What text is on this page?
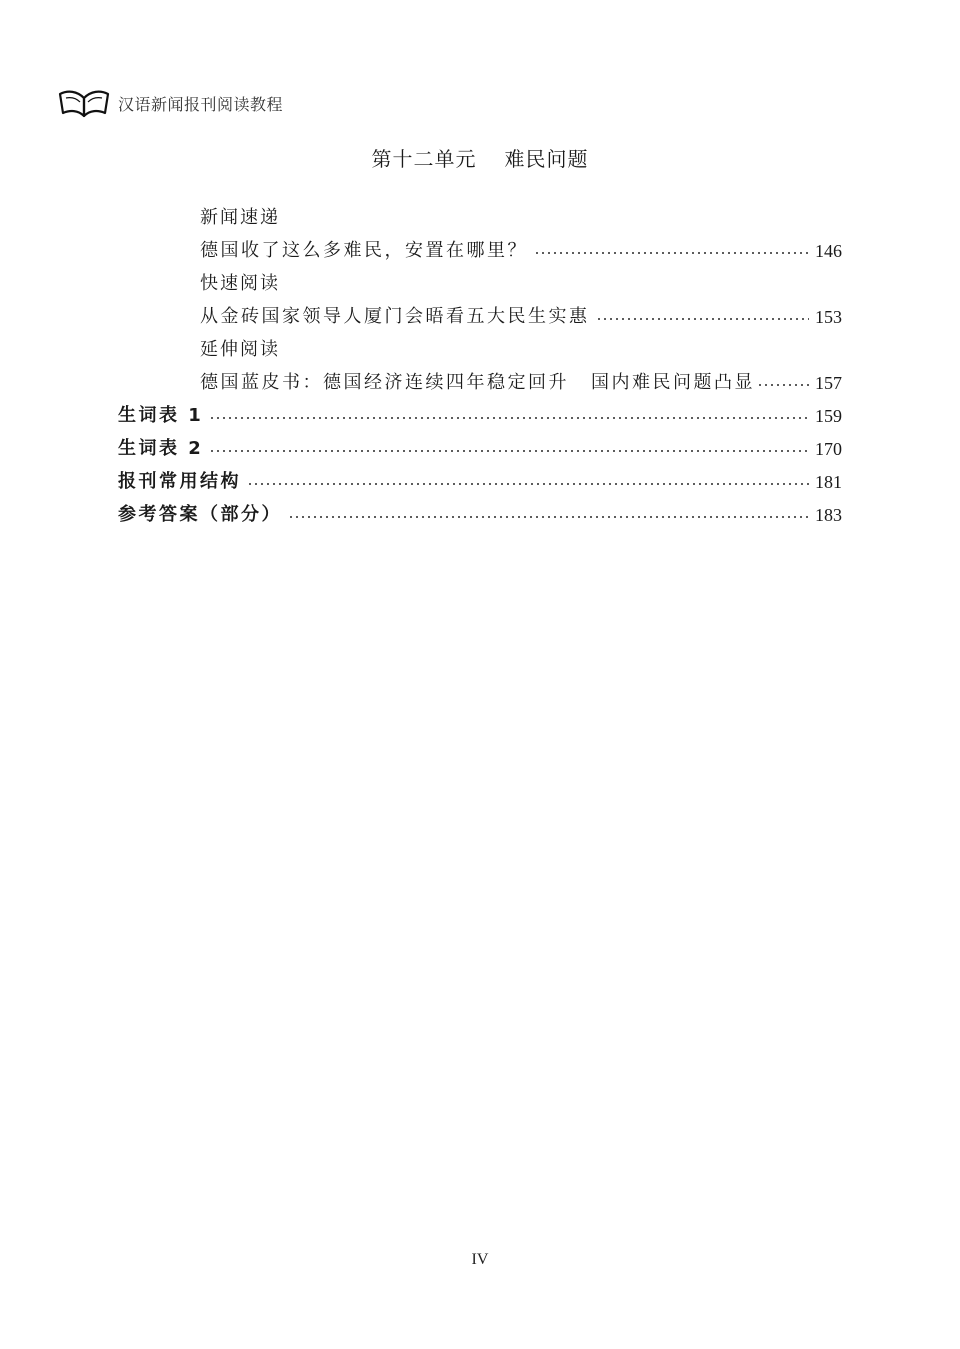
汉语新闻报刊阅读教程
第十二单元 难民问题
新闻速递
德国收了这么多难民，安置在哪里？	146
快速阅读
从金砖国家领导人厦门会晤看五大民生实惠	153
延伸阅读
德国蓝皮书：德国经济连续四年稳定回升 国内难民问题凸显	157
生词表 1	159
生词表 2	170
报刊常用结构	181
参考答案（部分）	183
IV
